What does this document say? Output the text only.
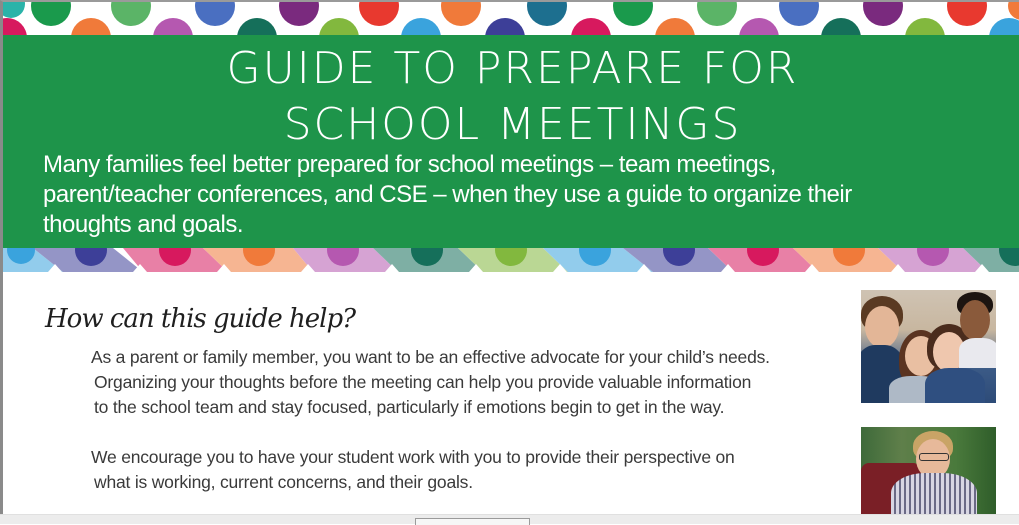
GUIDE TO PREPARE FOR
SCHOOL MEETINGS
Many families feel better prepared for school meetings – team meetings,
parent/teacher conferences, and CSE – when they use a guide to organize their
thoughts and goals.
How can this guide help?
As a parent or family member, you want to be an effective advocate for your child’s needs.
Organizing your thoughts before the meeting can help you provide valuable information
to the school team and stay focused, particularly if emotions begin to get in the way.
We encourage you to have your student work with you to provide their perspective on
what is working, current concerns, and their goals.
